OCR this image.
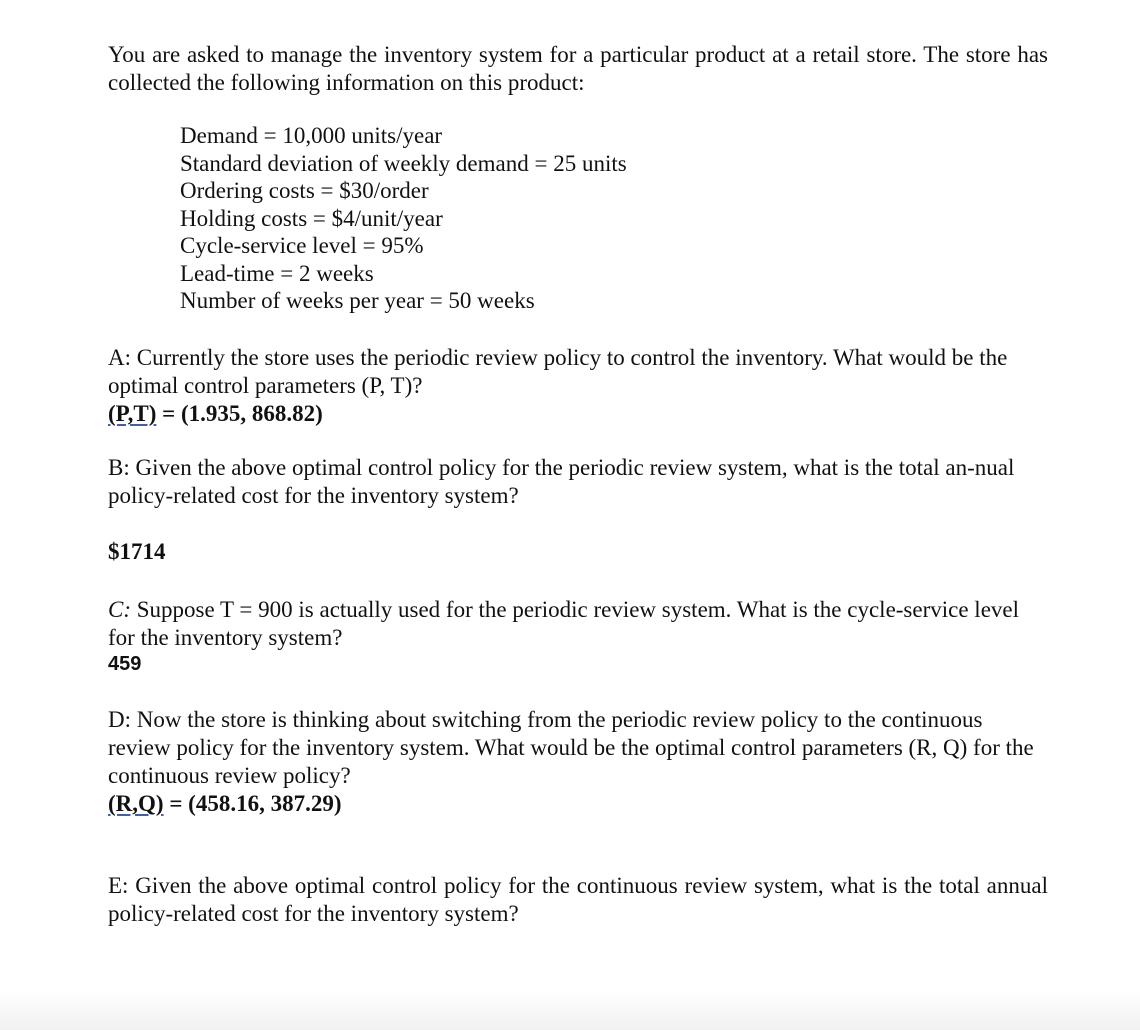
You are asked to manage the inventory system for a particular product at a retail store. The store has collected the following information on this product:

Demand = 10,000 units/year
Standard deviation of weekly demand = 25 units
Ordering costs = $30/order
Holding costs = $4/unit/year
Cycle-service level = 95%
Lead-time = 2 weeks
Number of weeks per year = 50 weeks

A: Currently the store uses the periodic review policy to control the inventory. What would be the optimal control parameters (P, T)?

(P,T) = (1.935, 868.82)

B: Given the above optimal control policy for the periodic review system, what is the total an-nual policy-related cost for the inventory system?

$1714

C: Suppose T = 900 is actually used for the periodic review system. What is the cycle-service level for the inventory system?

459

D: Now the store is thinking about switching from the periodic review policy to the continuous review policy for the inventory system. What would be the optimal control parameters (R, Q) for the continuous review policy?

(R,Q) = (458.16, 387.29)

E: Given the above optimal control policy for the continuous review system, what is the total annual policy-related cost for the inventory system?
